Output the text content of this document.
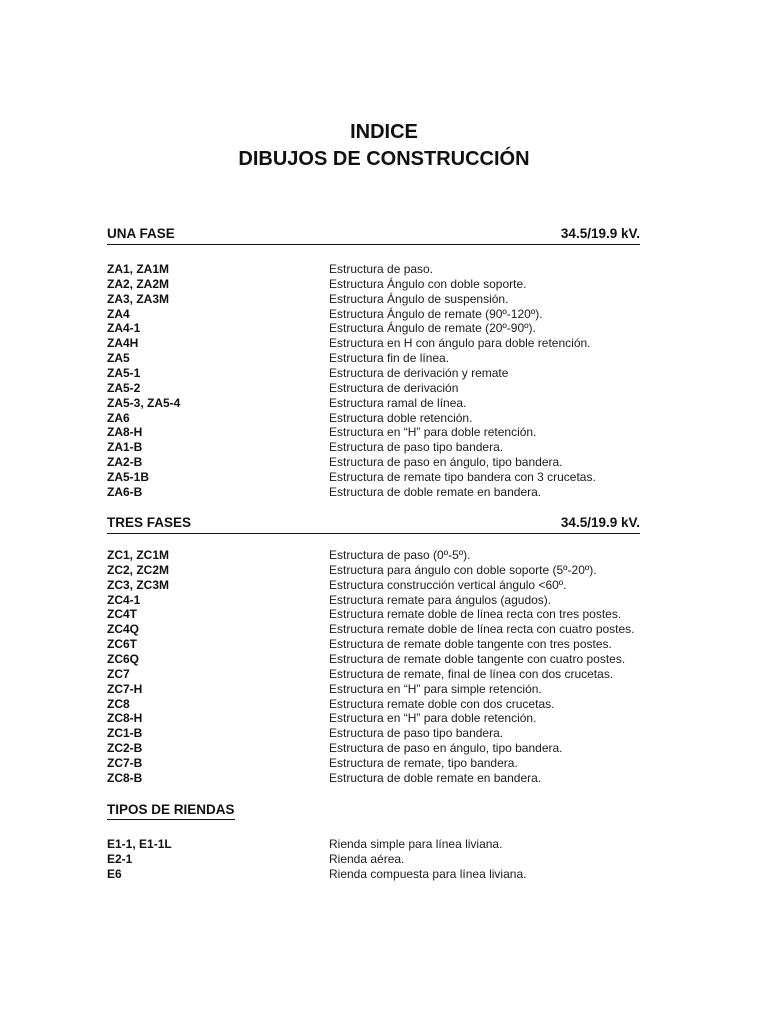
INDICE
DIBUJOS DE CONSTRUCCIÓN
UNA FASE	34.5/19.9 kV.
ZA1, ZA1M	Estructura de paso.
ZA2, ZA2M	Estructura Ángulo con doble soporte.
ZA3, ZA3M	Estructura Ángulo de suspensión.
ZA4	Estructura Ángulo de remate (90º-120º).
ZA4-1	Estructura Ángulo de remate (20º-90º).
ZA4H	Estructura en H con ángulo para doble retención.
ZA5	Estructura fin de línea.
ZA5-1	Estructura de derivación y remate
ZA5-2	Estructura de derivación
ZA5-3, ZA5-4	Estructura ramal de línea.
ZA6	Estructura doble retención.
ZA8-H	Estructura en “H” para doble retención.
ZA1-B	Estructura de paso tipo bandera.
ZA2-B	Estructura de paso en ángulo, tipo bandera.
ZA5-1B	Estructura de remate tipo bandera con 3 crucetas.
ZA6-B	Estructura de doble remate en bandera.
TRES FASES	34.5/19.9 kV.
ZC1, ZC1M	Estructura de paso (0º-5º).
ZC2, ZC2M	Estructura para ángulo con doble soporte (5º-20º).
ZC3, ZC3M	Estructura construcción vertical ángulo <60º.
ZC4-1	Estructura remate para ángulos (agudos).
ZC4T	Estructura remate doble de línea recta con tres postes.
ZC4Q	Estructura remate doble de línea recta con cuatro postes.
ZC6T	Estructura de remate doble tangente con tres postes.
ZC6Q	Estructura de remate doble tangente con cuatro postes.
ZC7	Estructura de remate, final de línea con dos crucetas.
ZC7-H	Estructura en “H” para simple retención.
ZC8	Estructura remate doble con dos crucetas.
ZC8-H	Estructura en “H” para doble retención.
ZC1-B	Estructura de paso tipo bandera.
ZC2-B	Estructura de paso en ángulo, tipo bandera.
ZC7-B	Estructura de remate, tipo bandera.
ZC8-B	Estructura de doble remate en bandera.
TIPOS DE RIENDAS
E1-1, E1-1L	Rienda simple para línea liviana.
E2-1	Rienda aérea.
E6	Rienda compuesta para línea liviana.
